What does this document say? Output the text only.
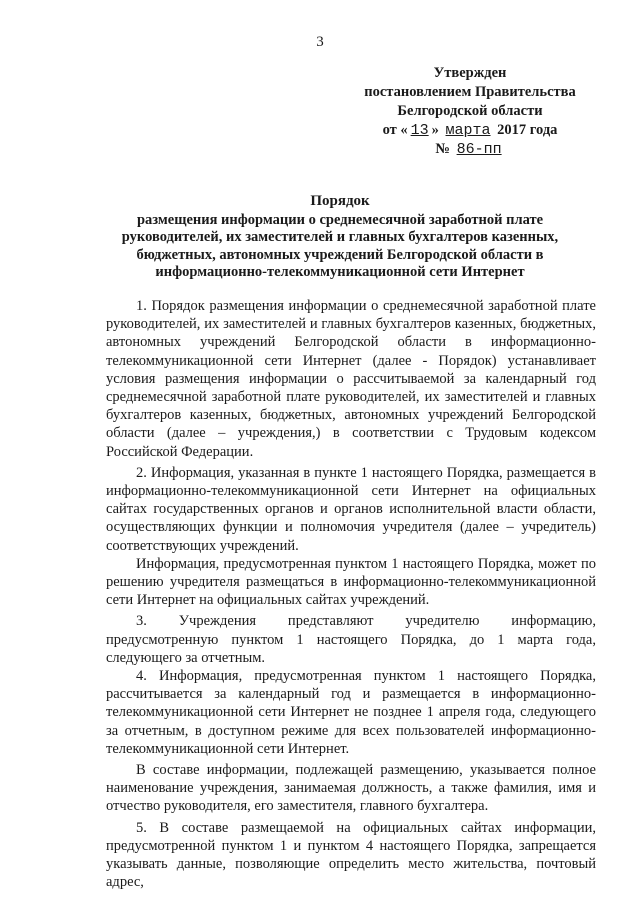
3
Утвержден
постановлением Правительства
Белгородской области
от « 13 » марта 2017 года
№ 86-пп
Порядок
размещения информации о среднемесячной заработной плате
руководителей, их заместителей и главных бухгалтеров казенных,
бюджетных, автономных учреждений Белгородской области в
информационно-телекоммуникационной сети Интернет

1. Порядок размещения информации о среднемесячной заработной плате руководителей, их заместителей и главных бухгалтеров казенных, бюджетных, автономных учреждений Белгородской области в информационно-телекоммуникационной сети Интернет (далее - Порядок) устанавливает условия размещения информации о рассчитываемой за календарный год среднемесячной заработной плате руководителей, их заместителей и главных бухгалтеров казенных, бюджетных, автономных учреждений Белгородской области (далее – учреждения,) в соответствии с Трудовым кодексом Российской Федерации.

2. Информация, указанная в пункте 1 настоящего Порядка, размещается в информационно-телекоммуникационной сети Интернет на официальных сайтах государственных органов и органов исполнительной власти области, осуществляющих функции и полномочия учредителя (далее – учредитель) соответствующих учреждений.

Информация, предусмотренная пунктом 1 настоящего Порядка, может по решению учредителя размещаться в информационно-телекоммуникационной сети Интернет на официальных сайтах учреждений.

3. Учреждения представляют учредителю информацию, предусмотренную пунктом 1 настоящего Порядка, до 1 марта года, следующего за отчетным.

4. Информация, предусмотренная пунктом 1 настоящего Порядка, рассчитывается за календарный год и размещается в информационно-телекоммуникационной сети Интернет не позднее 1 апреля года, следующего за отчетным, в доступном режиме для всех пользователей информационно-телекоммуникационной сети Интернет.

В составе информации, подлежащей размещению, указывается полное наименование учреждения, занимаемая должность, а также фамилия, имя и отчество руководителя, его заместителя, главного бухгалтера.

5. В составе размещаемой на официальных сайтах информации, предусмотренной пунктом 1 и пунктом 4 настоящего Порядка, запрещается указывать данные, позволяющие определить место жительства, почтовый адрес,
